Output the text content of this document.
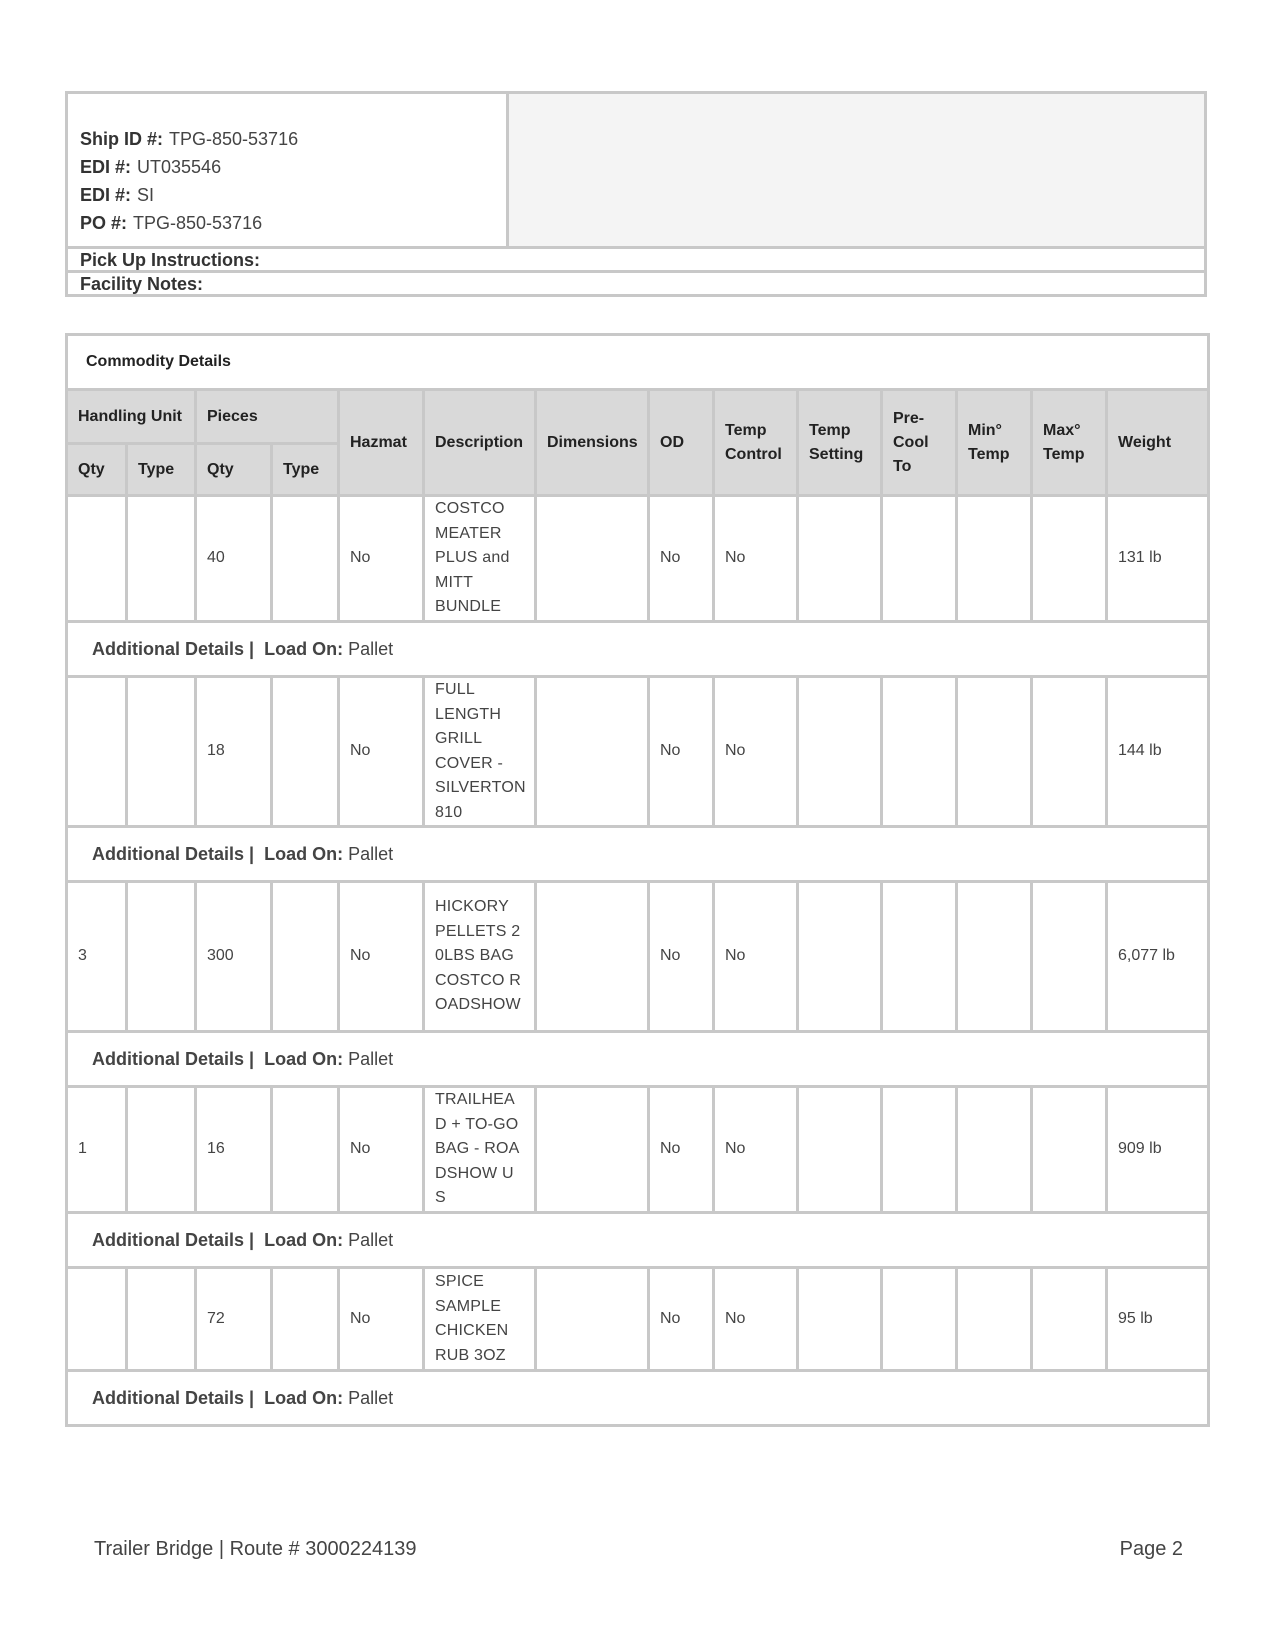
Ship ID #: TPG-850-53716
EDI #: UT035546
EDI #: SI
PO #: TPG-850-53716
Pick Up Instructions:
Facility Notes:
Commodity Details													
Handling Unit		Pieces		Hazmat	Description	Dimensions	OD	Temp Control	Temp Setting	Pre-Cool To	Min° Temp	Max° Temp	Weight
Qty	Type	Qty	Type										
		40		No	COSTCO MEATER PLUS and MITT BUNDLE		No	No					131 lb
Additional Details | Load On: Pallet													
		18		No	FULL LENGTH GRILL COVER - SILVERTON 810		No	No					144 lb
Additional Details | Load On: Pallet													
3		300		No	HICKORY PELLETS 20LBS BAG COSTCO ROADSHOW		No	No					6,077 lb
Additional Details | Load On: Pallet													
1		16		No	TRAILHEAD + TO-GO BAG - ROADSHOW US		No	No					909 lb
Additional Details | Load On: Pallet													
		72		No	SPICE SAMPLE CHICKEN RUB 3OZ		No	No					95 lb
Additional Details | Load On: Pallet													
Trailer Bridge | Route # 3000224139	Page 2
